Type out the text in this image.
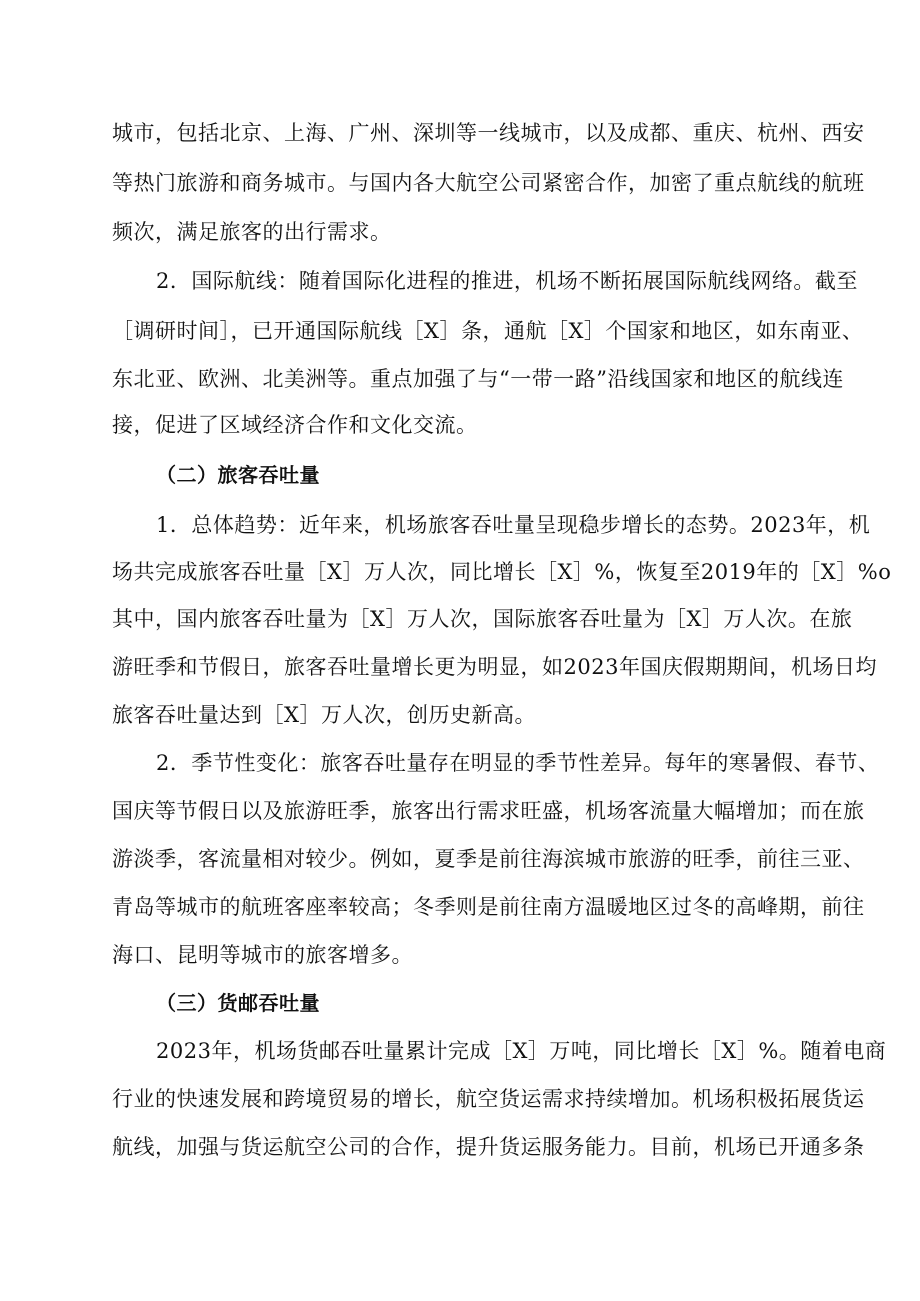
城市，包括北京、上海、广州、深圳等一线城市，以及成都、重庆、杭州、西安
等热门旅游和商务城市。与国内各大航空公司紧密合作，加密了重点航线的航班
频次，满足旅客的出行需求。
2．国际航线：随着国际化进程的推进，机场不断拓展国际航线网络。截至
［调研时间］，已开通国际航线［X］条，通航［X］个国家和地区，如东南亚、
东北亚、欧洲、北美洲等。重点加强了与“一带一路”沿线国家和地区的航线连
接，促进了区域经济合作和文化交流。
（二）旅客吞吐量
1．总体趋势：近年来，机场旅客吞吐量呈现稳步增长的态势。2023年，机
场共完成旅客吞吐量［X］万人次，同比增长［X］%，恢复至2019年的［X］%o
其中，国内旅客吞吐量为［X］万人次，国际旅客吞吐量为［X］万人次。在旅
游旺季和节假日，旅客吞吐量增长更为明显，如2023年国庆假期期间，机场日均
旅客吞吐量达到［X］万人次，创历史新高。
2．季节性变化：旅客吞吐量存在明显的季节性差异。每年的寒暑假、春节、
国庆等节假日以及旅游旺季，旅客出行需求旺盛，机场客流量大幅增加；而在旅
游淡季，客流量相对较少。例如，夏季是前往海滨城市旅游的旺季，前往三亚、
青岛等城市的航班客座率较高；冬季则是前往南方温暖地区过冬的高峰期，前往
海口、昆明等城市的旅客增多。
（三）货邮吞吐量
2023年，机场货邮吞吐量累计完成［X］万吨，同比增长［X］%。随着电商
行业的快速发展和跨境贸易的增长，航空货运需求持续增加。机场积极拓展货运
航线，加强与货运航空公司的合作，提升货运服务能力。目前，机场已开通多条
